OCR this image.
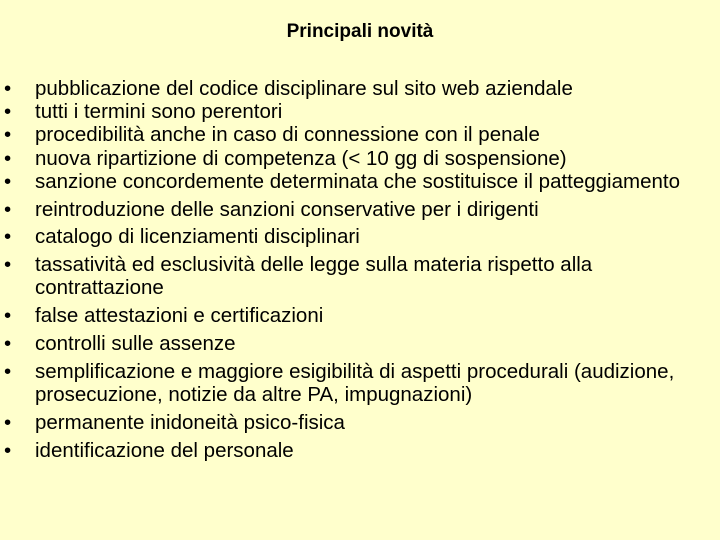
Principali novità
•	pubblicazione del codice disciplinare sul sito web aziendale
•	tutti i termini sono perentori
•	procedibilità anche in caso di connessione con il penale
•	nuova ripartizione di competenza (< 10 gg di sospensione)
•	sanzione concordemente determinata che sostituisce il patteggiamento
•	reintroduzione delle sanzioni conservative per i dirigenti
•	catalogo di licenziamenti disciplinari
•	tassatività ed esclusività delle legge sulla materia rispetto alla contrattazione
•	false attestazioni e certificazioni
•	controlli sulle assenze
•	semplificazione e maggiore esigibilità di aspetti procedurali (audizione, prosecuzione, notizie da altre PA, impugnazioni)
•	permanente inidoneità psico-fisica
•	identificazione del personale
